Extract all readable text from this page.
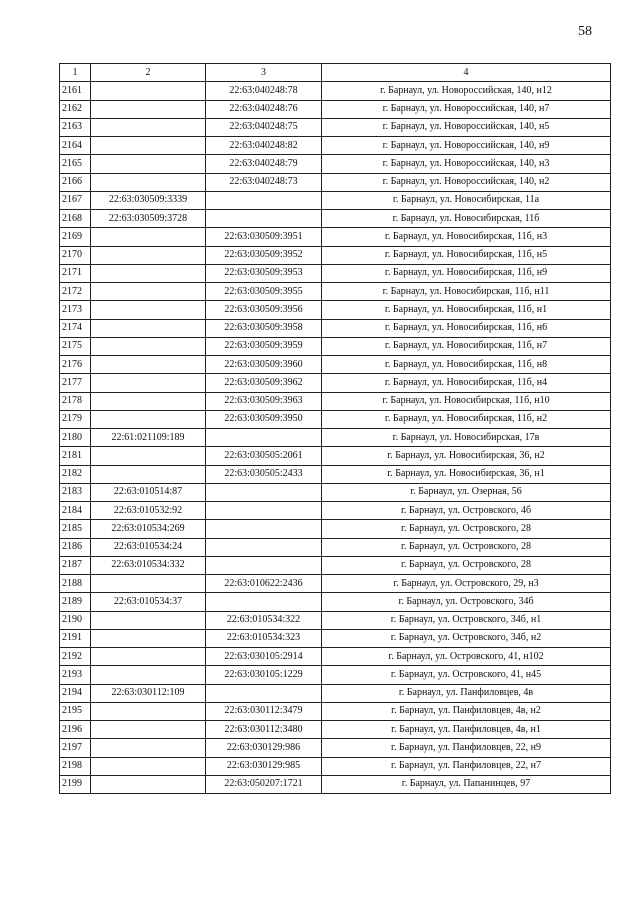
58
1	2	3	4
2161		22:63:040248:78	г. Барнаул, ул. Новороссийская, 140, н12
2162		22:63:040248:76	г. Барнаул, ул. Новороссийская, 140, н7
2163		22:63:040248:75	г. Барнаул, ул. Новороссийская, 140, н5
2164		22:63:040248:82	г. Барнаул, ул. Новороссийская, 140, н9
2165		22:63:040248:79	г. Барнаул, ул. Новороссийская, 140, н3
2166		22:63:040248:73	г. Барнаул, ул. Новороссийская, 140, н2
2167	22:63:030509:3339		г. Барнаул, ул. Новосибирская, 11а
2168	22:63:030509:3728		г. Барнаул, ул. Новосибирская, 11б
2169		22:63:030509:3951	г. Барнаул, ул. Новосибирская, 11б, н3
2170		22:63:030509:3952	г. Барнаул, ул. Новосибирская, 11б, н5
2171		22:63:030509:3953	г. Барнаул, ул. Новосибирская, 11б, н9
2172		22:63:030509:3955	г. Барнаул, ул. Новосибирская, 11б, н11
2173		22:63:030509:3956	г. Барнаул, ул. Новосибирская, 11б, н1
2174		22:63:030509:3958	г. Барнаул, ул. Новосибирская, 11б, н6
2175		22:63:030509:3959	г. Барнаул, ул. Новосибирская, 11б, н7
2176		22:63:030509:3960	г. Барнаул, ул. Новосибирская, 11б, н8
2177		22:63:030509:3962	г. Барнаул, ул. Новосибирская, 11б, н4
2178		22:63:030509:3963	г. Барнаул, ул. Новосибирская, 11б, н10
2179		22:63:030509:3950	г. Барнаул, ул. Новосибирская, 11б, н2
2180	22:61:021109:189		г. Барнаул, ул. Новосибирская, 17в
2181		22:63:030505:2061	г. Барнаул, ул. Новосибирская, 36, н2
2182		22:63:030505:2433	г. Барнаул, ул. Новосибирская, 36, н1
2183	22:63:010514:87		г. Барнаул, ул. Озерная, 56
2184	22:63:010532:92		г. Барнаул, ул. Островского, 4б
2185	22:63:010534:269		г. Барнаул, ул. Островского, 28
2186	22:63:010534:24		г. Барнаул, ул. Островского, 28
2187	22:63:010534:332		г. Барнаул, ул. Островского, 28
2188		22:63:010622:2436	г. Барнаул, ул. Островского, 29, н3
2189	22:63:010534:37		г. Барнаул, ул. Островского, 34б
2190		22:63:010534:322	г. Барнаул, ул. Островского, 34б, н1
2191		22:63:010534:323	г. Барнаул, ул. Островского, 34б, н2
2192		22:63:030105:2914	г. Барнаул, ул. Островского, 41, н102
2193		22:63:030105:1229	г. Барнаул, ул. Островского, 41, н45
2194	22:63:030112:109		г. Барнаул, ул. Панфиловцев, 4в
2195		22:63:030112:3479	г. Барнаул, ул. Панфиловцев, 4в, н2
2196		22:63:030112:3480	г. Барнаул, ул. Панфиловцев, 4в, н1
2197		22:63:030129:986	г. Барнаул, ул. Панфиловцев, 22, н9
2198		22:63:030129:985	г. Барнаул, ул. Панфиловцев, 22, н7
2199		22:63:050207:1721	г. Барнаул, ул. Папанинцев, 97
